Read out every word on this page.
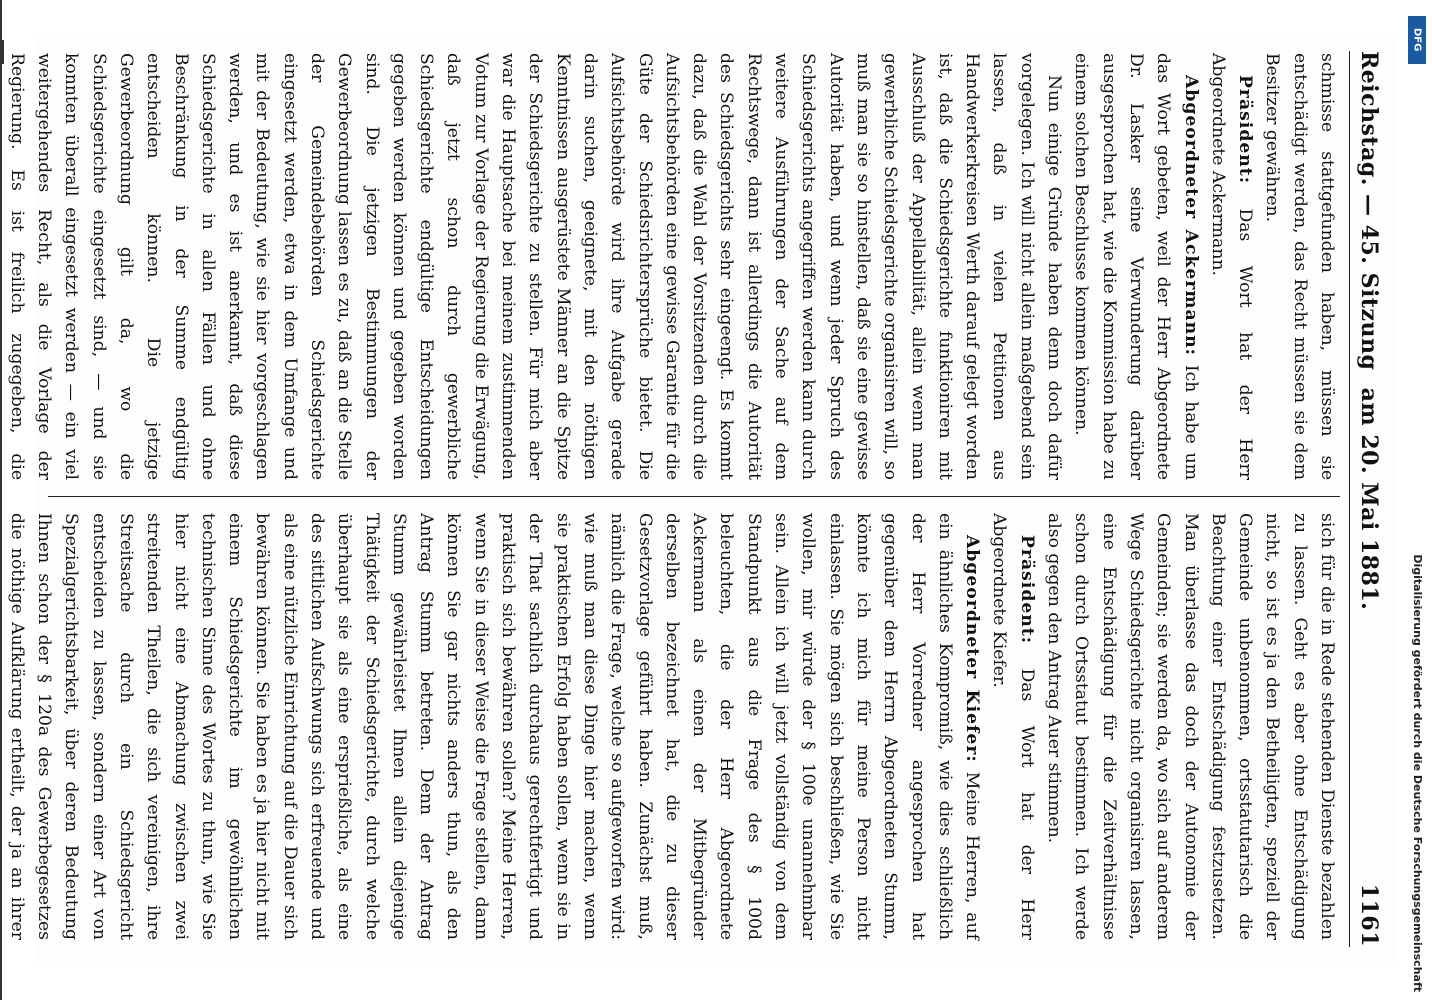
Reichstag. — 45. Sitzung
am 20. Mai 1881.
1161

schmisse stattgefunden haben, müssen sie entschädigt werden, das Recht müssen sie dem Besitzer gewähren.

Präsident: Das Wort hat der Herr Abgeordnete Ackermann.

Abgeordneter Ackermann: Ich habe um das Wort gebeten, weil der Herr Abgeordnete Dr. Lasker seine Verwunderung darüber ausgesprochen hat, wie die Kommission habe zu einem solchen Beschlusse kommen können.

Nun einige Gründe haben denn doch dafür vorgelegen. Ich will nicht allein maßgebend sein lassen, daß in vielen Petitionen aus Handwerkerkreisen Werth darauf gelegt worden ist, daß die Schiedsgerichte funktioniren mit Ausschluß der Appellabilität, allein wenn man gewerbliche Schiedsgerichte organisiren will, so muß man sie so hinstellen, daß sie eine gewisse Autorität haben, und wenn jeder Spruch des Schiedsgerichts angegriffen werden kann durch weitere Ausführungen der Sache auf dem Rechtswege, dann ist allerdings die Autorität des Schiedsgerichts sehr eingeengt. Es kommt dazu, daß die Wahl der Vorsitzenden durch die Aufsichtsbehörden eine gewisse Garantie für die Güte der Schiedsrichtersprüche bietet. Die Aufsichtsbehörde wird ihre Aufgabe gerade darin suchen, geeignete, mit den nöthigen Kenntnissen ausgerüstete Männer an die Spitze der Schiedsgerichte zu stellen. Für mich aber war die Hauptsache bei meinem zustimmenden Votum zur Vorlage der Regierung die Erwägung, daß jetzt schon durch gewerbliche Schiedsgerichte endgültige Entscheidungen gegeben werden können und gegeben worden sind. Die jetzigen Bestimmungen der Gewerbeordnung lassen es zu, daß an die Stelle der Gemeindebehörden Schiedsgerichte eingesetzt werden, etwa in dem Umfange und mit der Bedeutung, wie sie hier vorgeschlagen werden, und es ist anerkannt, daß diese Schiedsgerichte in allen Fällen und ohne Beschränkung in der Summe endgültig entscheiden können. Die jetzige Gewerbeordnung gilt da, wo die Schiedsgerichte eingesetzt sind, — und sie konnten überall eingesetzt werden — ein viel weitergehendes Recht, als die Vorlage der Regierung. Es ist freilich zugegeben, die

sich für die in Rede stehenden Dienste bezahlen zu lassen. Geht es aber ohne Entschädigung nicht, so ist es ja den Betheiligten, speziell der Gemeinde unbenommen, ortsstatutarisch die Beachtung einer Entschädigung festzusetzen. Man überlasse das doch der Autonomie der Gemeinden; sie werden da, wo sich auf anderem Wege Schiedsgerichte nicht organisiren lassen, eine Entschädigung für die Zeitverhältnisse schon durch Ortsstatut bestimmen. Ich werde also gegen den Antrag Auer stimmen.

Präsident: Das Wort hat der Herr Abgeordnete Kiefer.

Abgeordneter Kiefer: Meine Herren, auf ein ähnliches Kompromiß, wie dies schließlich der Herr Vorredner angesprochen hat gegenüber dem Herrn Abgeordneten Stumm, könnte ich mich für meine Person nicht einlassen. Sie mögen sich beschließen, wie Sie wollen, mir würde der § 100e unannehmbar sein. Allein ich will jetzt vollständig von dem Standpunkt aus die Frage des § 100d beleuchten, die der Herr Abgeordnete Ackermann als einen der Mitbegründer derselben bezeichnet hat, die zu dieser Gesetzvorlage geführt haben. Zunächst muß, nämlich die Frage, welche so aufgeworfen wird: wie muß man diese Dinge hier machen, wenn sie praktischen Erfolg haben sollen, wenn sie in der That sachlich durchaus gerechtfertigt und praktisch sich bewähren sollen? Meine Herren, wenn Sie in dieser Weise die Frage stellen, dann können Sie gar nichts anders thun, als den Antrag Stumm betreten. Denn der Antrag Stumm gewährleistet Ihnen allein diejenige Thätigkeit der Schiedsgerichte, durch welche überhaupt sie als eine ersprießliche, als eine des sittlichen Aufschwungs sich erfreuende und als eine nützliche Einrichtung auf die Dauer sich bewähren können. Sie haben es ja hier nicht mit einem Schiedsgerichte im gewöhnlichen technischen Sinne des Wortes zu thun, wie Sie hier nicht eine Abmachung zwischen zwei streitenden Theilen, die sich vereinigen, ihre Streitsache durch ein Schiedsgericht entscheiden zu lassen, sondern einer Art von Spezialgerichtsbarkeit, über deren Bedeutung Ihnen schon der § 120a des Gewerbegesetzes die nöthige Aufklärung ertheilt, der ja an ihrer	Digitalisierung gefördert durch die Deutsche Forschungsgemeinschaft
DFG
